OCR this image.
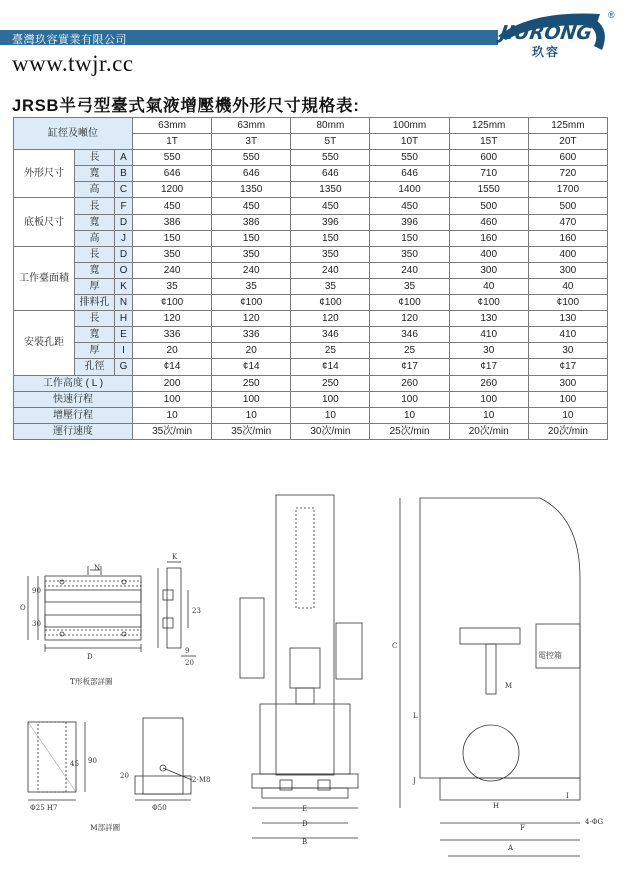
臺灣玖容實業有限公司
www.twjr.cc
JIURONG
®
玖容
JRSB半弓型臺式氣液增壓機外形尺寸規格表:
缸徑及噸位			63mm	63mm	80mm	100mm	125mm	125mm
			1T	3T	5T	10T	15T	20T
外形尺寸	長	A	550	550	550	550	600	600
	寬	B	646	646	646	646	710	720
	高	C	1200	1350	1350	1400	1550	1700
底板尺寸	長	F	450	450	450	450	500	500
	寬	D	386	386	396	396	460	470
	高	J	150	150	150	150	160	160
工作臺面積	長	D	350	350	350	350	400	400
	寬	O	240	240	240	240	300	300
	厚	K	35	35	35	35	40	40
	排料孔	N	¢100	¢100	¢100	¢100	¢100	¢100
安裝孔距	長	H	120	120	120	120	130	130
	寬	E	336	336	346	346	410	410
	厚	I	20	20	25	25	30	30
	孔徑	G	¢14	¢14	¢14	¢17	¢17	¢17
工作高度 ( L )			200	250	250	260	260	300
快速行程			100	100	100	100	100	100
增壓行程			10	10	10	10	10	10
運行速度			35次/min	35次/min	30次/min	25次/min	20次/min	20次/min
N
D
O
90
30
T形板部詳圖
K
23
9
20
90
45
Φ25 H7
20	2-M8
Φ50
M部詳圖
E
D
B
C
L
M
J
H
F
A
I
4-ΦG
電控箱
